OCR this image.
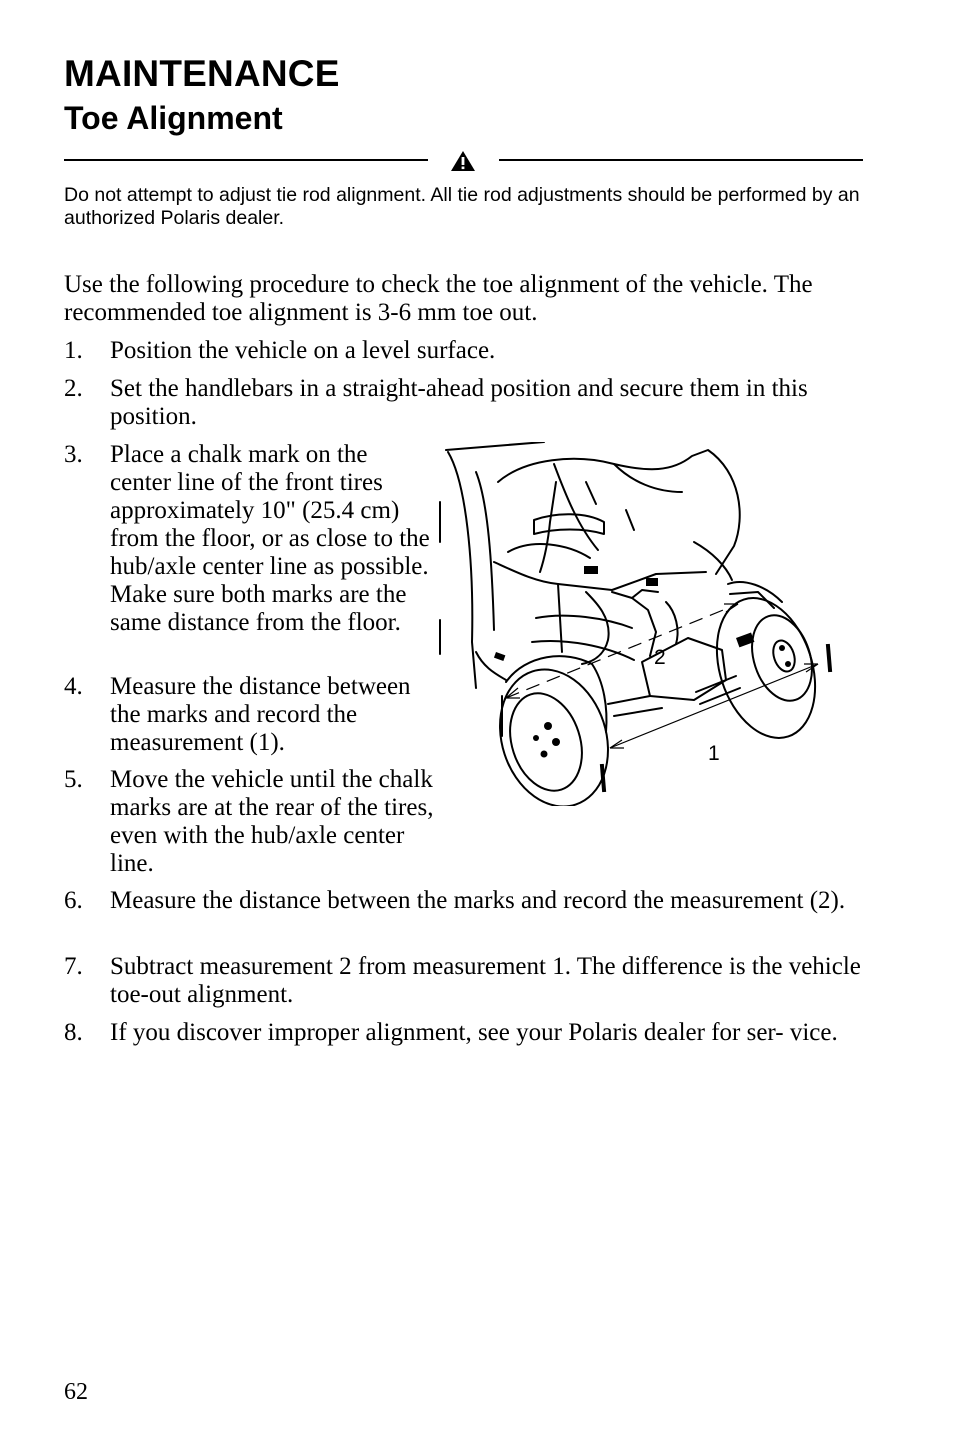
MAINTENANCE
Toe Alignment

Do not attempt to adjust tie rod alignment. All tie rod adjustments should be performed by an authorized Polaris dealer.

Use the following procedure to check the toe alignment of the vehicle. The recommended toe alignment is 3-6 mm toe out.

1. Position the vehicle on a level surface.
2. Set the handlebars in a straight-ahead position and secure them in this position.
3. Place a chalk mark on the center line of the front tires approximately 10" (25.4 cm) from the floor, or as close to the hub/axle center line as possible. Make sure both marks are the same distance from the floor.
4. Measure the distance between the marks and record the measurement (1).
5. Move the vehicle until the chalk marks are at the rear of the tires, even with the hub/axle center line.
6. Measure the distance between the marks and record the measurement (2).
7. Subtract measurement 2 from measurement 1. The difference is the vehicle toe-out alignment.
8. If you discover improper alignment, see your Polaris dealer for ser- vice.
1
2

62
